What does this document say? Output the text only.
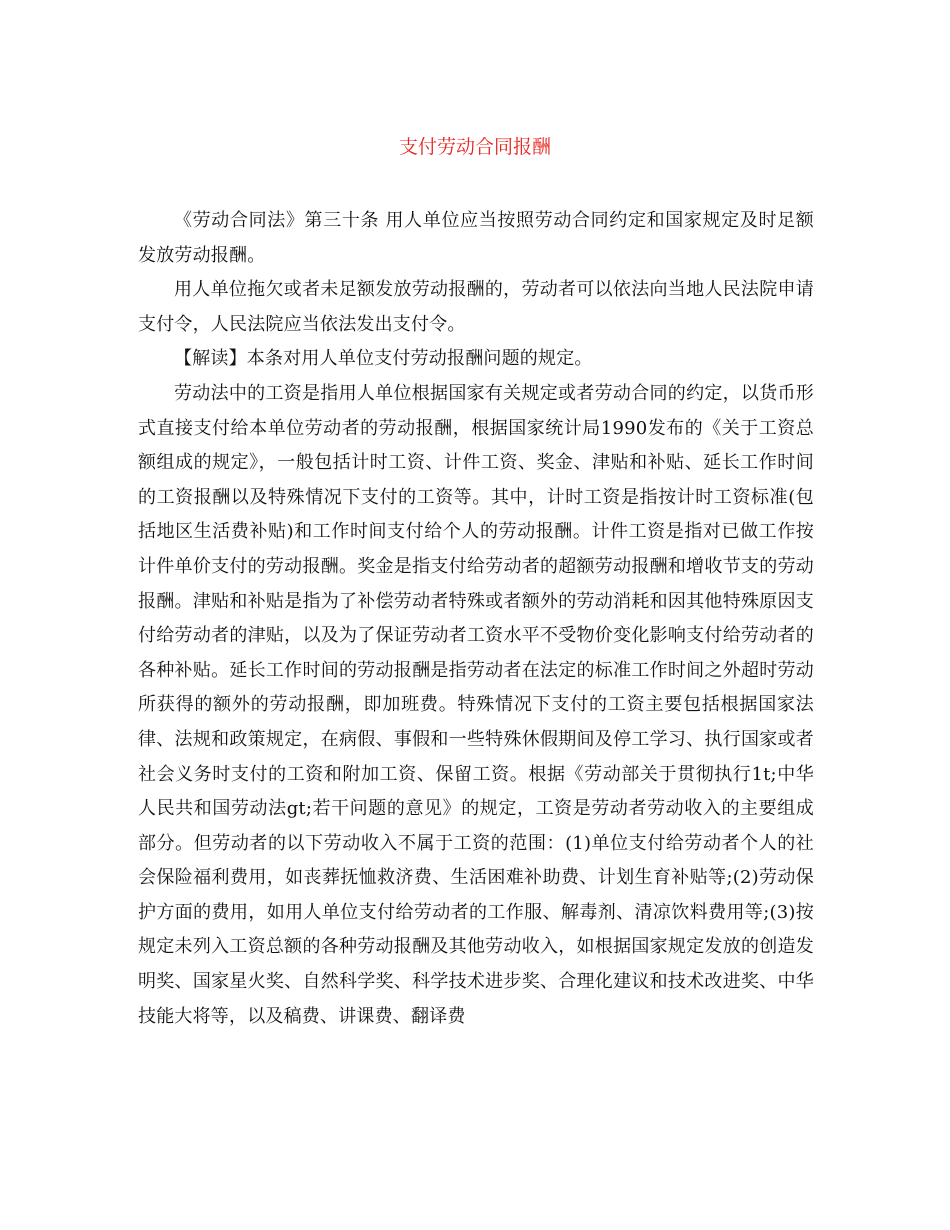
支付劳动合同报酬

《劳动合同法》第三十条 用人单位应当按照劳动合同约定和国家规定及时足额发放劳动报酬。

用人单位拖欠或者未足额发放劳动报酬的，劳动者可以依法向当地人民法院申请支付令，人民法院应当依法发出支付令。

【解读】本条对用人单位支付劳动报酬问题的规定。

劳动法中的工资是指用人单位根据国家有关规定或者劳动合同的约定，以货币形式直接支付给本单位劳动者的劳动报酬，根据国家统计局1990发布的《关于工资总额组成的规定》，一般包括计时工资、计件工资、奖金、津贴和补贴、延长工作时间的工资报酬以及特殊情况下支付的工资等。其中，计时工资是指按计时工资标准(包括地区生活费补贴)和工作时间支付给个人的劳动报酬。计件工资是指对已做工作按计件单价支付的劳动报酬。奖金是指支付给劳动者的超额劳动报酬和增收节支的劳动报酬。津贴和补贴是指为了补偿劳动者特殊或者额外的劳动消耗和因其他特殊原因支付给劳动者的津贴，以及为了保证劳动者工资水平不受物价变化影响支付给劳动者的各种补贴。延长工作时间的劳动报酬是指劳动者在法定的标准工作时间之外超时劳动所获得的额外的劳动报酬，即加班费。特殊情况下支付的工资主要包括根据国家法律、法规和政策规定，在病假、事假和一些特殊休假期间及停工学习、执行国家或者社会义务时支付的工资和附加工资、保留工资。根据《劳动部关于贯彻执行1t;中华人民共和国劳动法gt;若干问题的意见》的规定，工资是劳动者劳动收入的主要组成部分。但劳动者的以下劳动收入不属于工资的范围：(1)单位支付给劳动者个人的社会保险福利费用，如丧葬抚恤救济费、生活困难补助费、计划生育补贴等;(2)劳动保护方面的费用，如用人单位支付给劳动者的工作服、解毒剂、清凉饮料费用等;(3)按规定未列入工资总额的各种劳动报酬及其他劳动收入，如根据国家规定发放的创造发明奖、国家星火奖、自然科学奖、科学技术进步奖、合理化建议和技术改进奖、中华技能大将等，以及稿费、讲课费、翻译费
